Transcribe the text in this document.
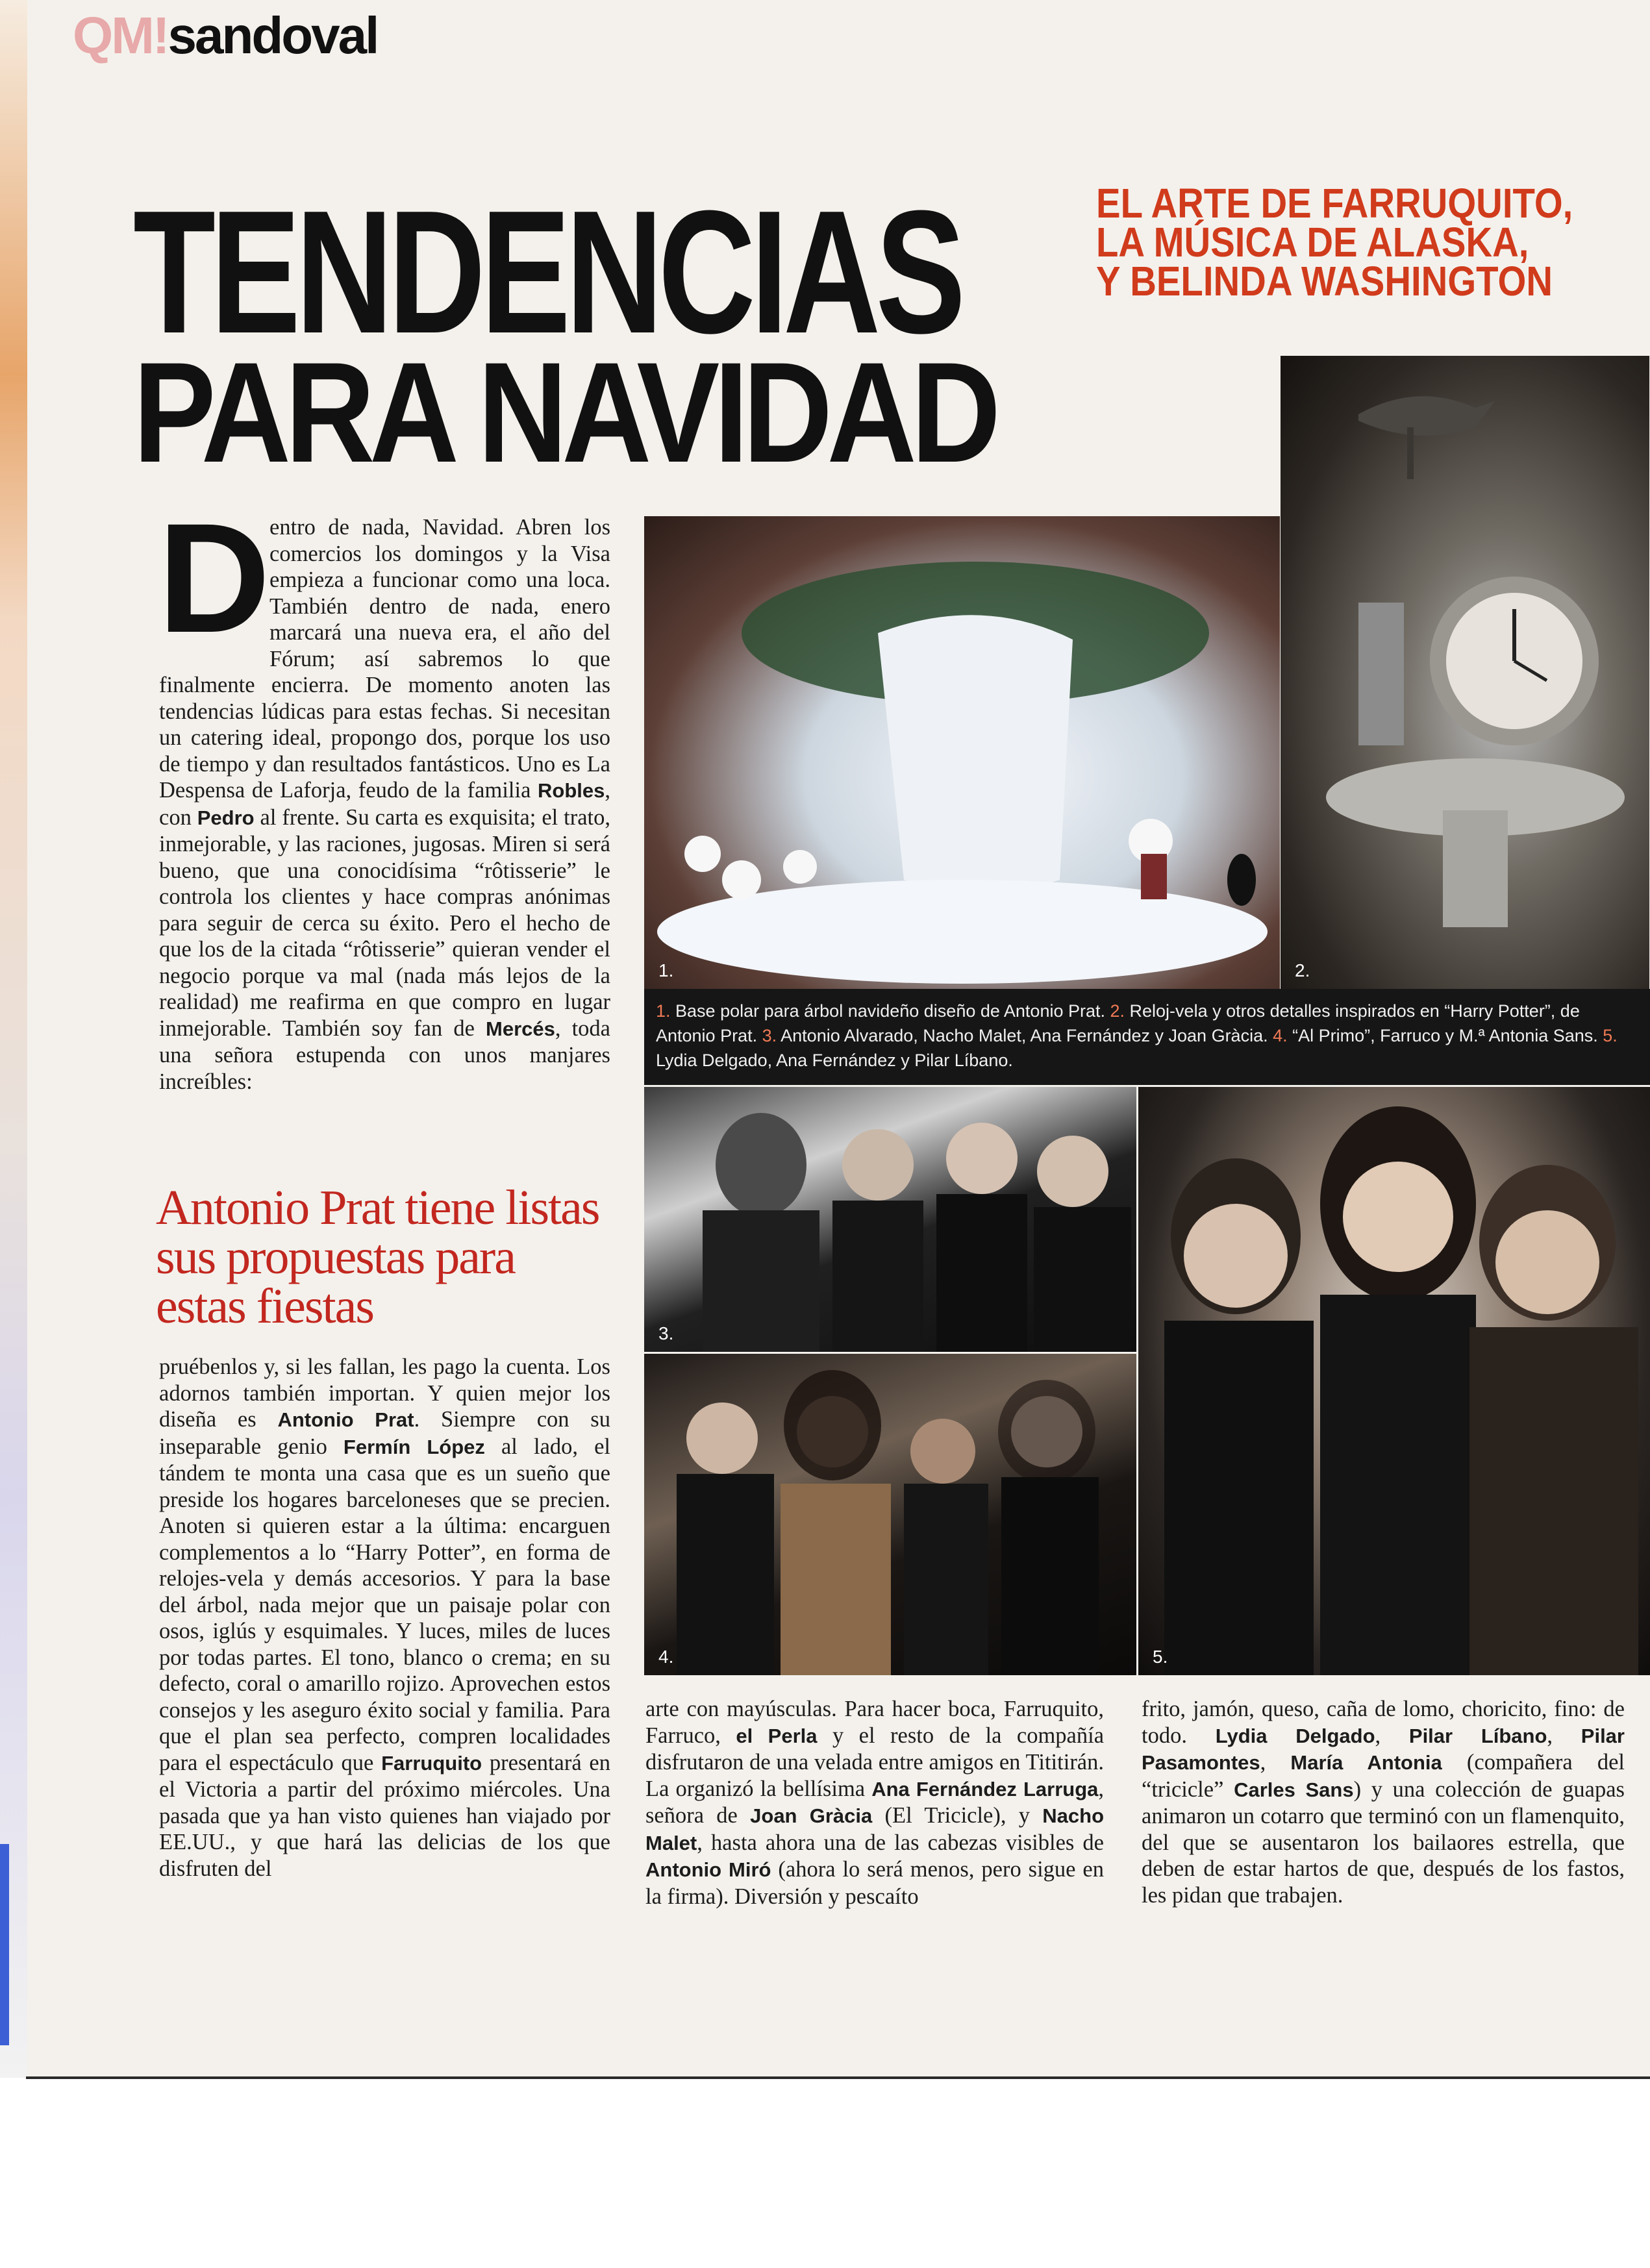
QM!sandoval
TENDENCIAS
PARA NAVIDAD
EL ARTE DE FARRUQUITO,
LA MÚSICA DE ALASKA,
Y BELINDA WASHINGTON
1.	2.
1. Base polar para árbol navideño diseño de Antonio Prat. 2. Reloj-vela y otros detalles inspirados en “Harry Potter”, de Antonio Prat. 3. Antonio Alvarado, Nacho Malet, Ana Fernández y Joan Gràcia. 4. “Al Primo”, Farruco y M.ª Antonia Sans. 5. Lydia Delgado, Ana Fernández y Pilar Líbano.
3.
4.	5.
D
entro de nada, Navidad. Abren los comercios los domingos y la Visa empieza a funcionar como una loca. También dentro de nada, enero marcará una nueva era, el año del Fórum; así sabremos lo que finalmente encierra. De momento anoten las tendencias lúdicas para estas fechas. Si necesitan un catering ideal, propongo dos, porque los uso de tiempo y dan resultados fantásticos. Uno es La Despensa de Laforja, feudo de la familia Robles, con Pedro al frente. Su carta es exquisita; el trato, inmejorable, y las raciones, jugosas. Miren si será bueno, que una conocidísima “rôtisserie” le controla los clientes y hace compras anónimas para seguir de cerca su éxito. Pero el hecho de que los de la citada “rôtisserie” quieran vender el negocio porque va mal (nada más lejos de la realidad) me reafirma en que compro en lugar inmejorable. También soy fan de Mercés, toda una señora estupenda con unos manjares increíbles:
Antonio Prat tiene listas sus propuestas para estas fiestas
pruébenlos y, si les fallan, les pago la cuenta. Los adornos también importan. Y quien mejor los diseña es Antonio Prat. Siempre con su inseparable genio Fermín López al lado, el tándem te monta una casa que es un sueño que preside los hogares barceloneses que se precien. Anoten si quieren estar a la última: encarguen complementos a lo “Harry Potter”, en forma de relojes-vela y demás accesorios. Y para la base del árbol, nada mejor que un paisaje polar con osos, iglús y esquimales. Y luces, miles de luces por todas partes. El tono, blanco o crema; en su defecto, coral o amarillo rojizo. Aprovechen estos consejos y les aseguro éxito social y familia. Para que el plan sea perfecto, compren localidades para el espectáculo que Farruquito presentará en el Victoria a partir del próximo miércoles. Una pasada que ya han visto quienes han viajado por EE.UU., y que hará las delicias de los que disfruten del
arte con mayúsculas. Para hacer boca, Farruquito, Farruco, el Perla y el resto de la compañía disfrutaron de una velada entre amigos en Tititirán. La organizó la bellísima Ana Fernández Larruga, señora de Joan Gràcia (El Tricicle), y Nacho Malet, hasta ahora una de las cabezas visibles de Antonio Miró (ahora lo será menos, pero sigue en la firma). Diversión y pescaíto
frito, jamón, queso, caña de lomo, choricito, fino: de todo. Lydia Delgado, Pilar Líbano, Pilar Pasamontes, María Antonia (compañera del “tricicle” Carles Sans) y una colección de guapas animaron un cotarro que terminó con un flamenquito, del que se ausentaron los bailaores estrella, que deben de estar hartos de que, después de los fastos, les pidan que trabajen.
